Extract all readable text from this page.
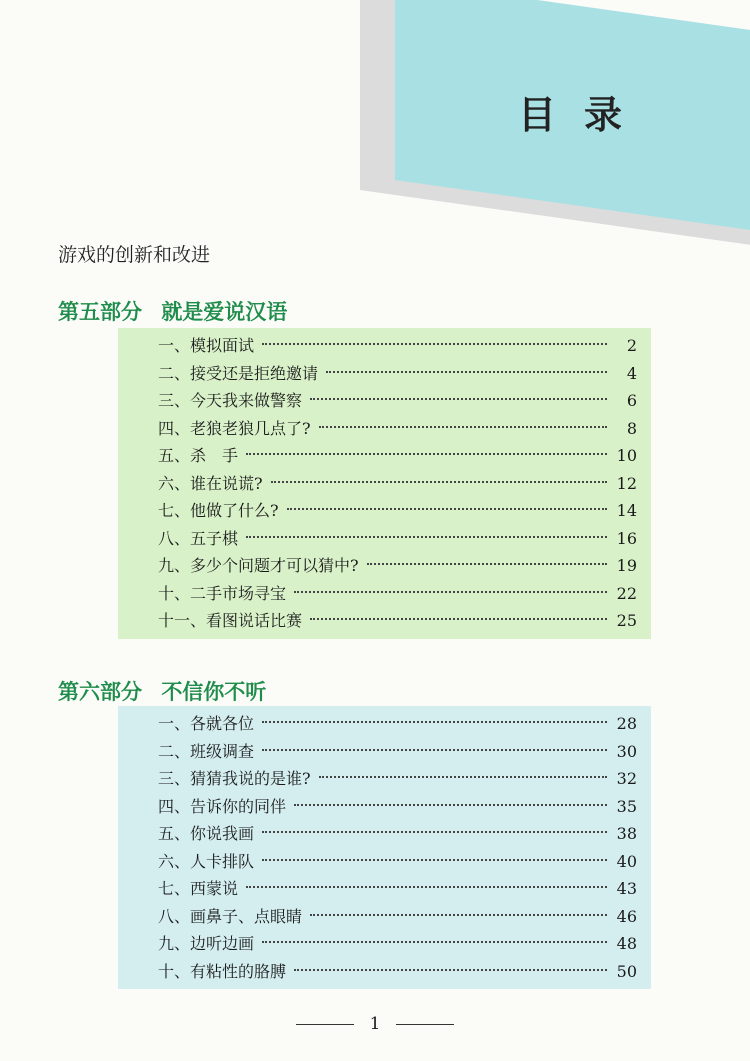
目录
游戏的创新和改进
第五部分 就是爱说汉语
一、模拟面试	2
二、接受还是拒绝邀请	4
三、今天我来做警察	6
四、老狼老狼几点了?	8
五、杀　手	10
六、谁在说谎?	12
七、他做了什么?	14
八、五子棋	16
九、多少个问题才可以猜中?	19
十、二手市场寻宝	22
十一、看图说话比赛	25
第六部分 不信你不听
一、各就各位	28
二、班级调查	30
三、猜猜我说的是谁?	32
四、告诉你的同伴	35
五、你说我画	38
六、人卡排队	40
七、西蒙说	43
八、画鼻子、点眼睛	46
九、边听边画	48
十、有粘性的胳膊	50
1
